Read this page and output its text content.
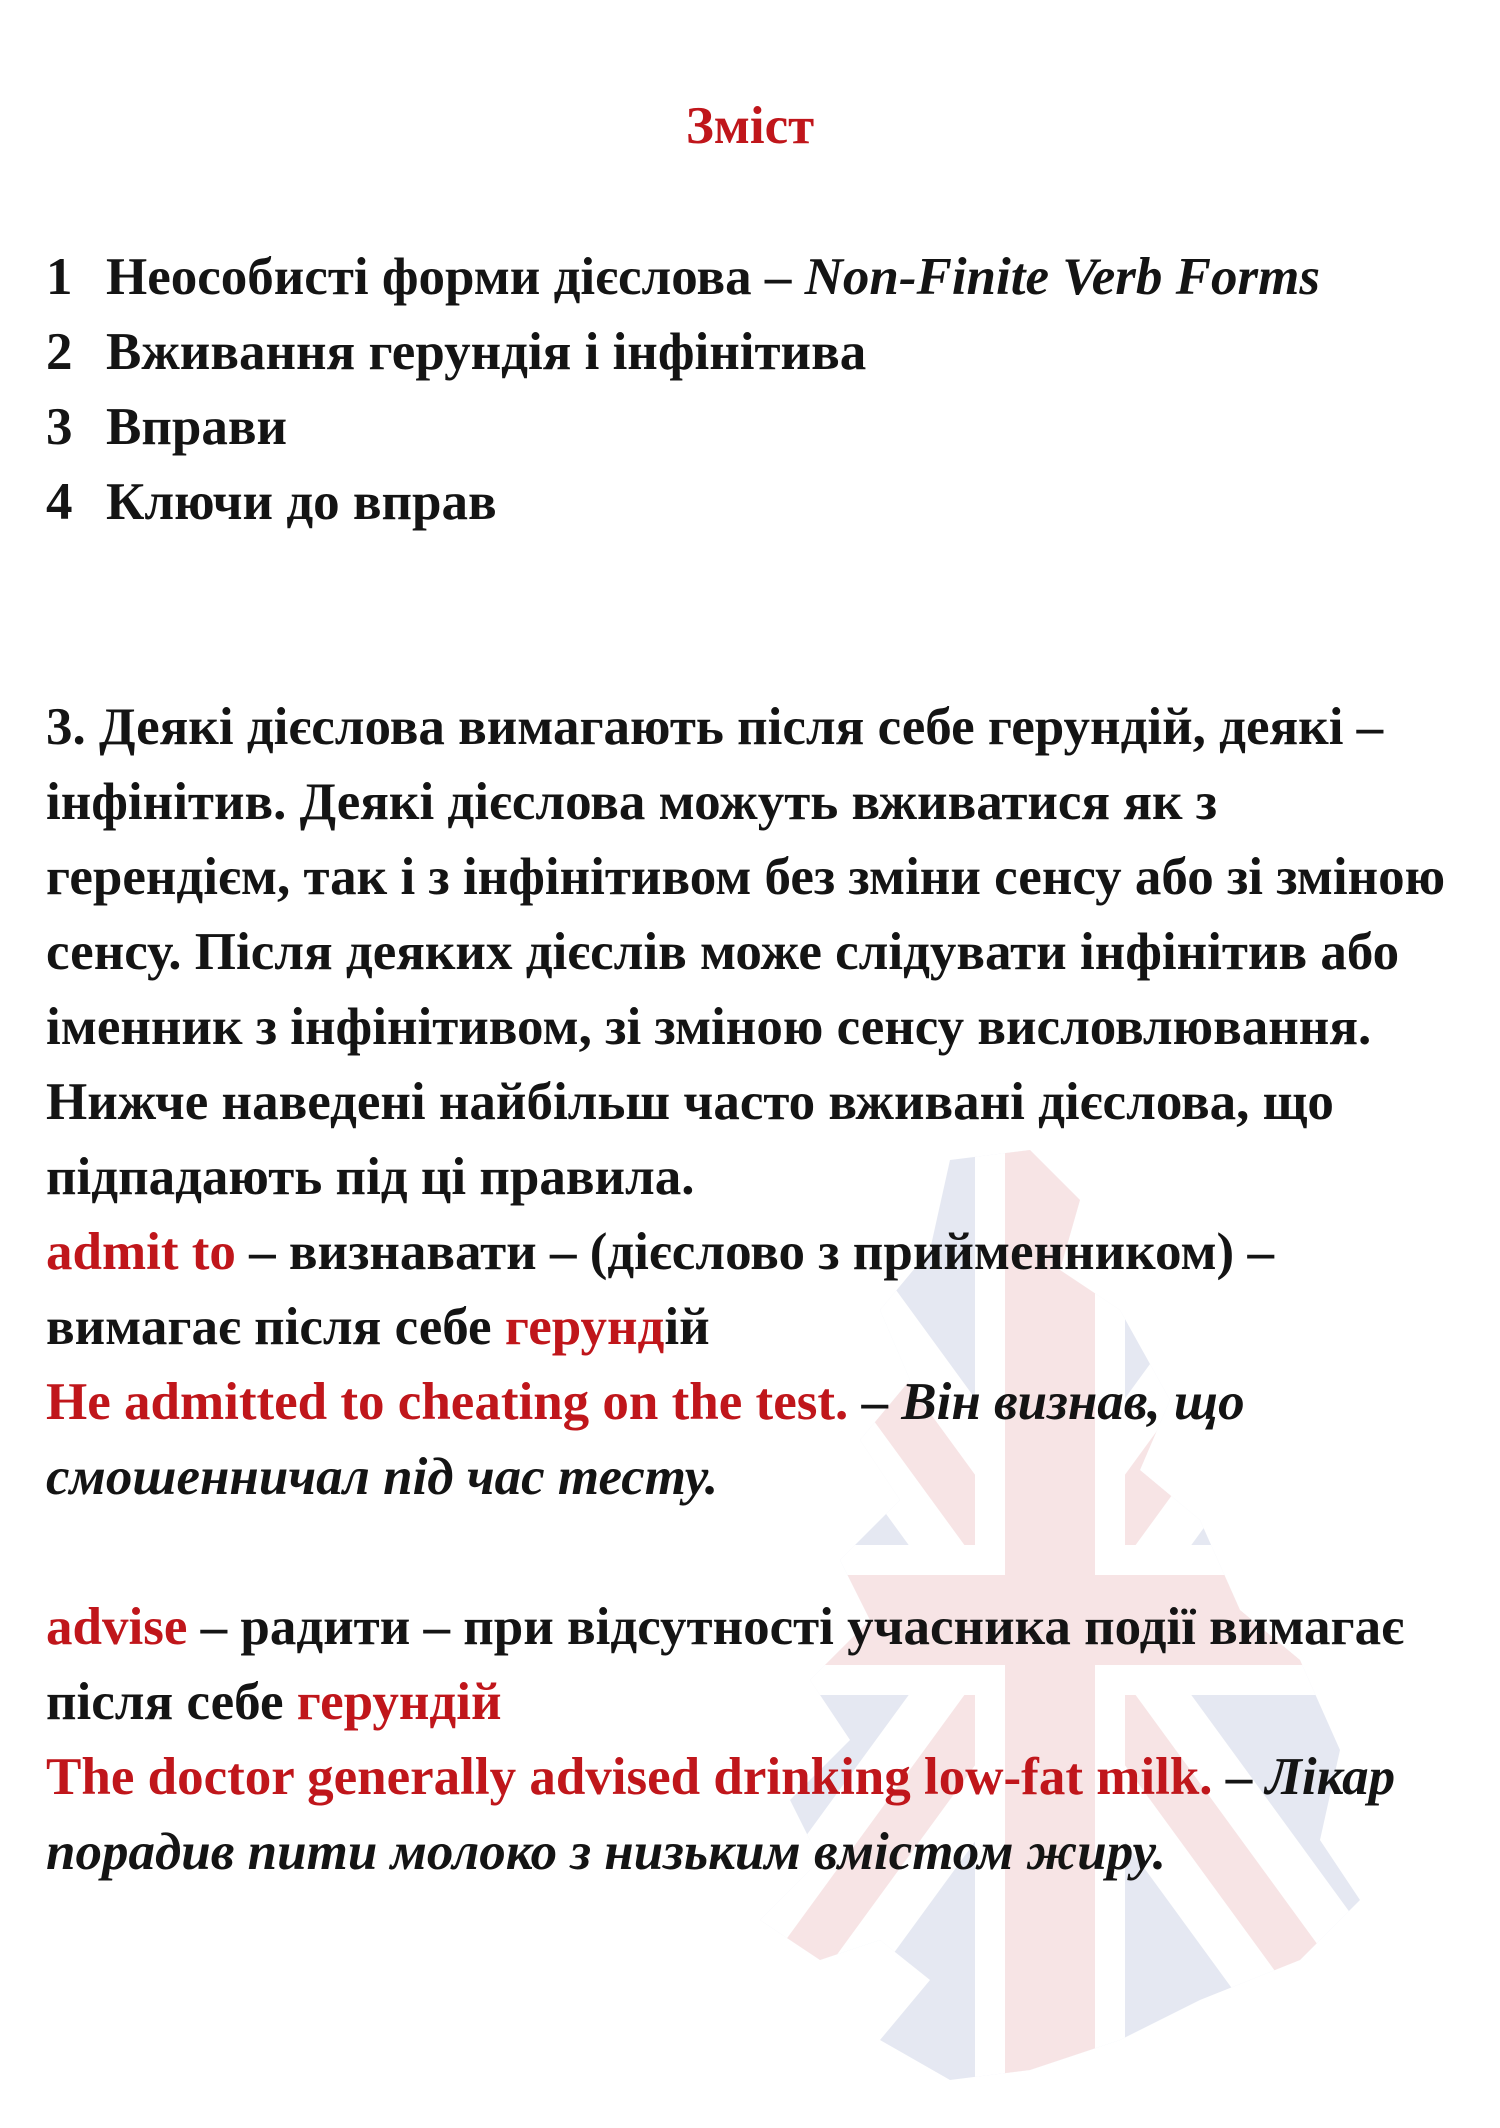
Зміст
1 Неособисті форми дієслова – Non-Finite Verb Forms
2 Вживання герундія і інфінітива
3 Вправи
4 Ключи до вправ
3. Деякі дієслова вимагають після себе герундій, деякі – інфінітив. Деякі дієслова можуть вживатися як з герендієм, так і з інфінітивом без зміни сенсу або зі зміною сенсу. Після деяких дієслів може слідувати інфінітив або іменник з інфінітивом, зі зміною сенсу висловлювання. Нижче наведені найбільш часто вживані дієслова, що підпадають під ці правила.
admit to – визнавати – (дієслово з прийменником) – вимагає після себе герундій
He admitted to cheating on the test. – Він визнав, що смошенничал під час тесту.
advise – радити – при відсутності учасника події вимагає після себе герундій
The doctor generally advised drinking low-fat milk. – Лікар порадив пити молоко з низьким вмістом жиру.
